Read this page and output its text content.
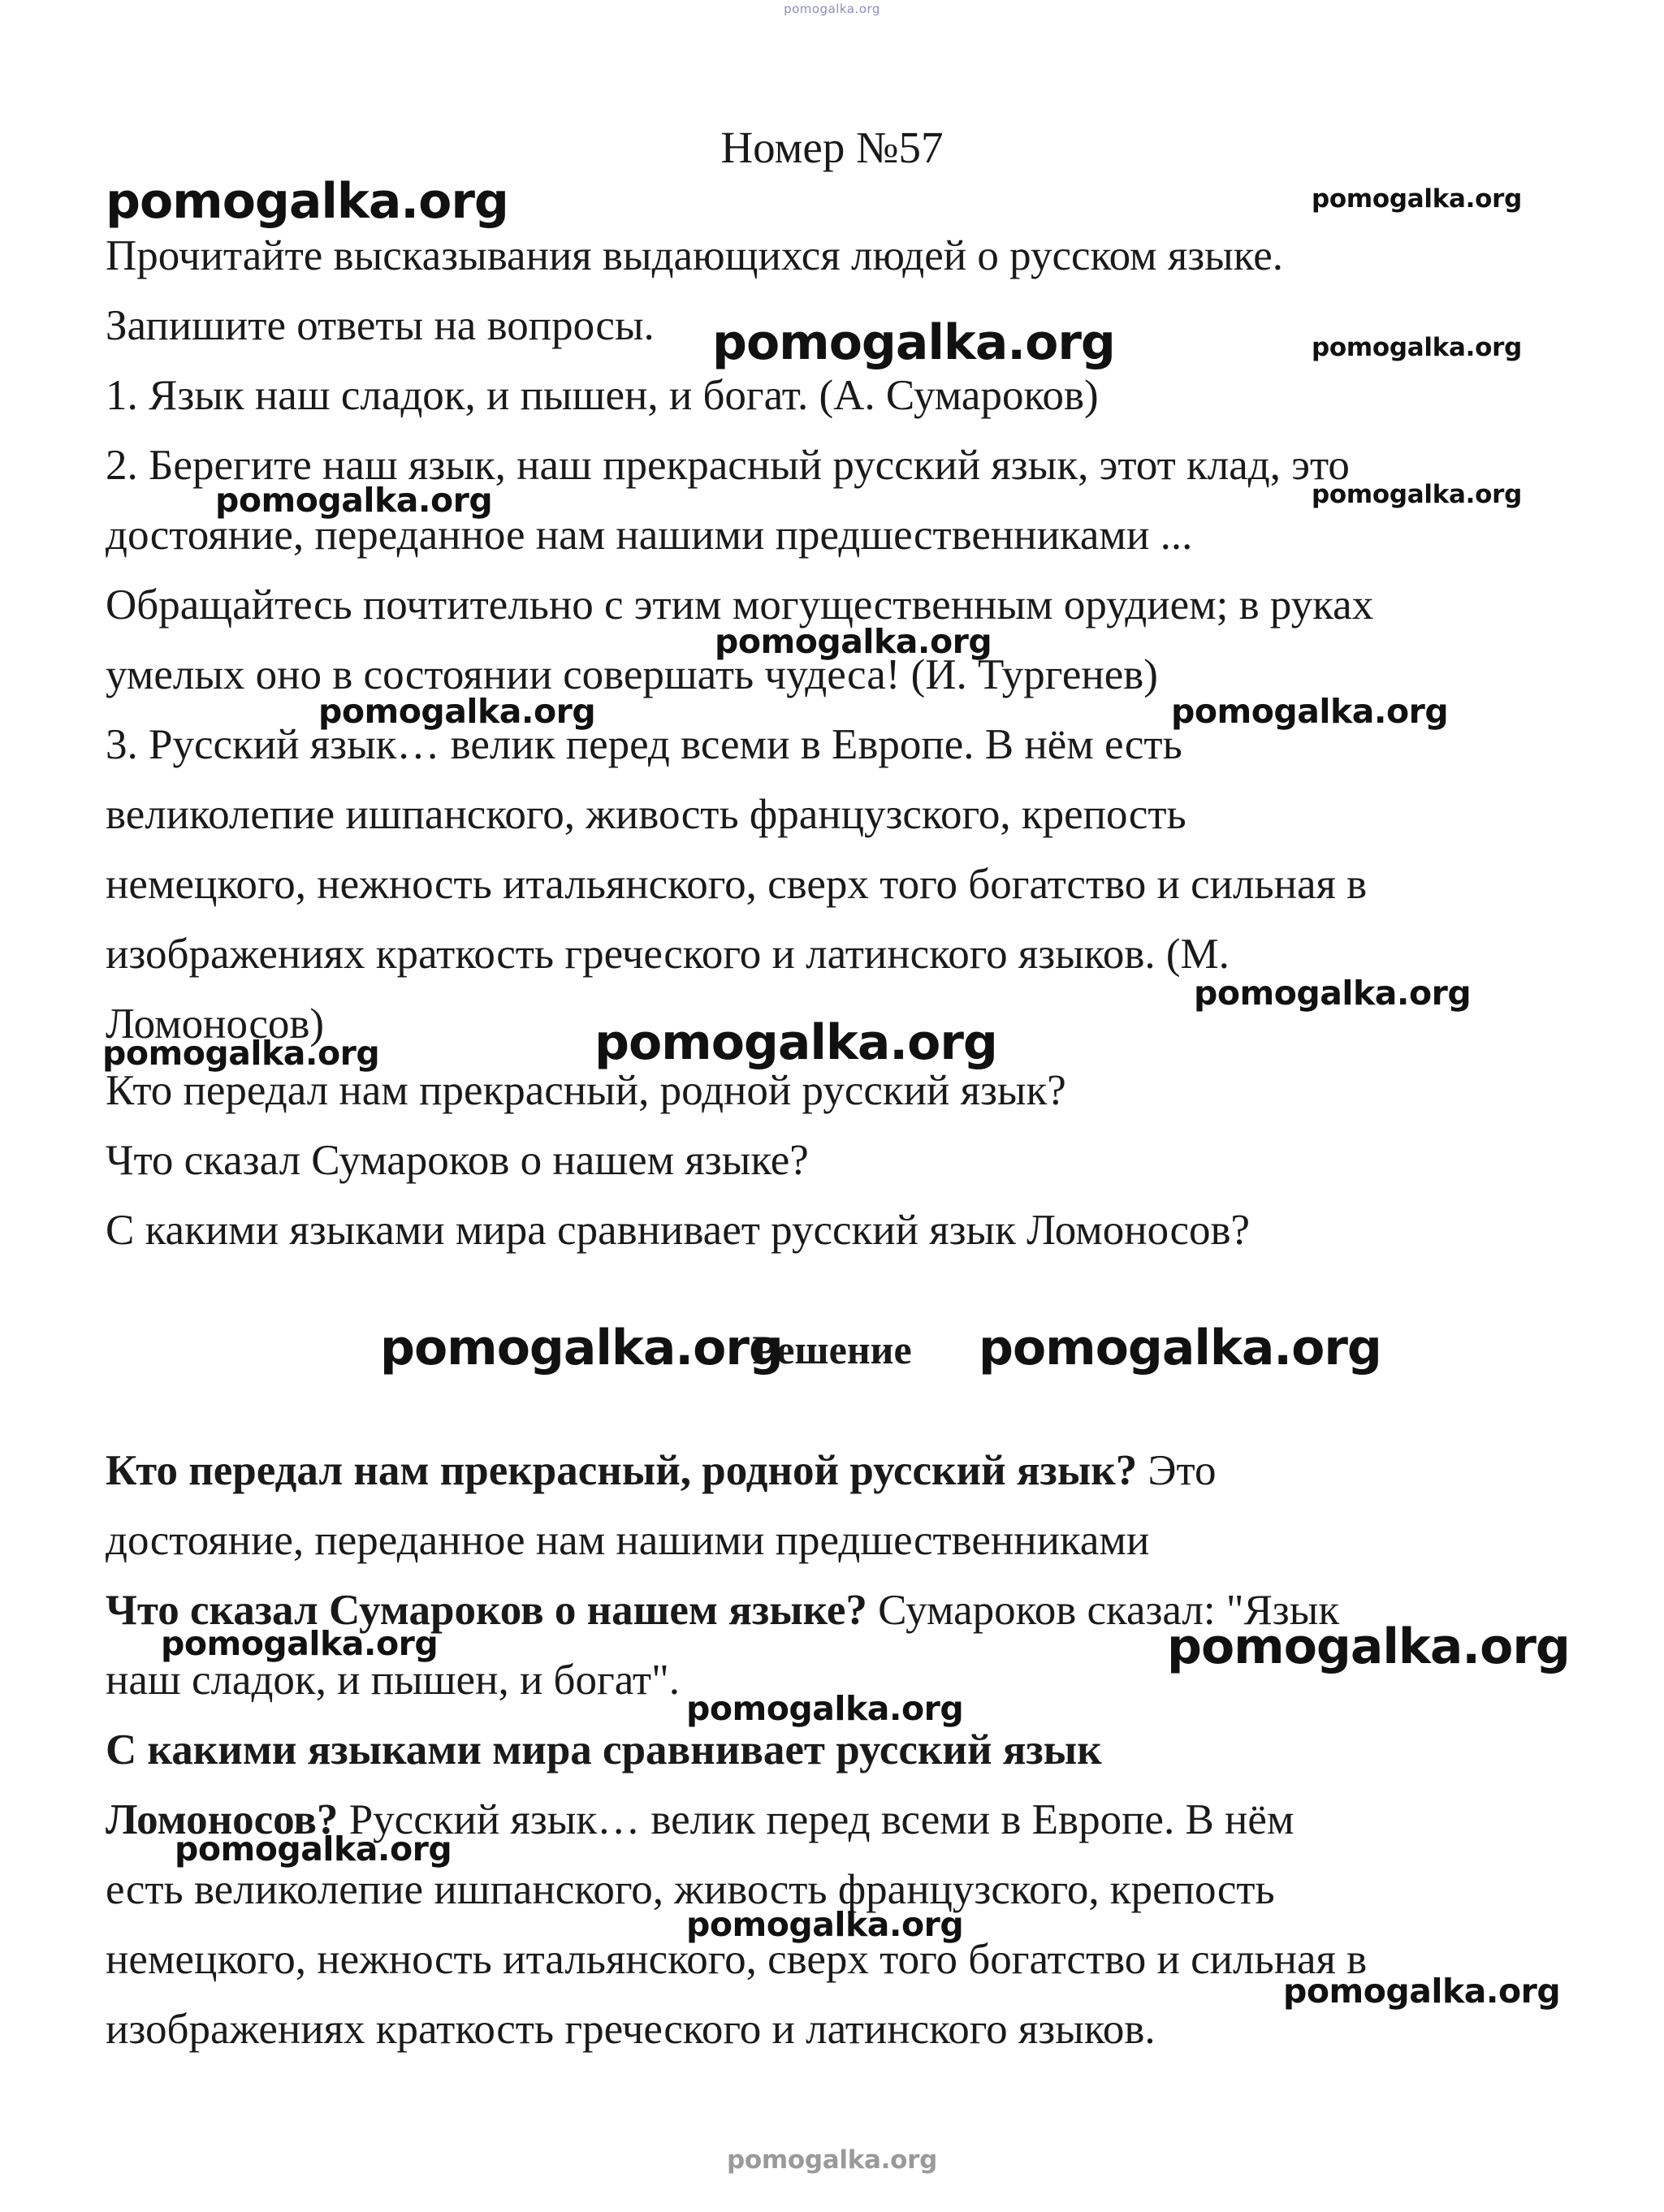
pomogalka.org
Номер №57

Прочитайте высказывания выдающихся людей о русском языке.

Запишите ответы на вопросы.

1. Язык наш сладок, и пышен, и богат. (А. Сумароков)

2. Берегите наш язык, наш прекрасный русский язык, этот клад, это

достояние, переданное нам нашими предшественниками ...

Обращайтесь почтительно с этим могущественным орудием; в руках

умелых оно в состоянии совершать чудеса! (И. Тургенев)

3. Русский язык… велик перед всеми в Европе. В нём есть

великолепие ишпанского, живость французского, крепость

немецкого, нежность итальянского, сверх того богатство и сильная в

изображениях краткость греческого и латинского языков. (М.

Ломоносов)

Кто передал нам прекрасный, родной русский язык?

Что сказал Сумароков о нашем языке?

С какими языками мира сравнивает русский язык Ломоносов?

Решение

Кто передал нам прекрасный, родной русский язык? Это

достояние, переданное нам нашими предшественниками

Что сказал Сумароков о нашем языке? Сумароков сказал: "Язык

наш сладок, и пышен, и богат".

С какими языками мира сравнивает русский язык

Ломоносов? Русский язык… велик перед всеми в Европе. В нём

есть великолепие ишпанского, живость французского, крепость

немецкого, нежность итальянского, сверх того богатство и сильная в

изображениях краткость греческого и латинского языков.

pomogalka.org	pomogalka.org
pomogalka.org	pomogalka.org
pomogalka.org	pomogalka.org
pomogalka.org
pomogalka.org	pomogalka.org
pomogalka.org
pomogalka.org	pomogalka.org
pomogalka.org	pomogalka.org
pomogalka.org	pomogalka.org
pomogalka.org
pomogalka.org
pomogalka.org
pomogalka.org
pomogalka.org
